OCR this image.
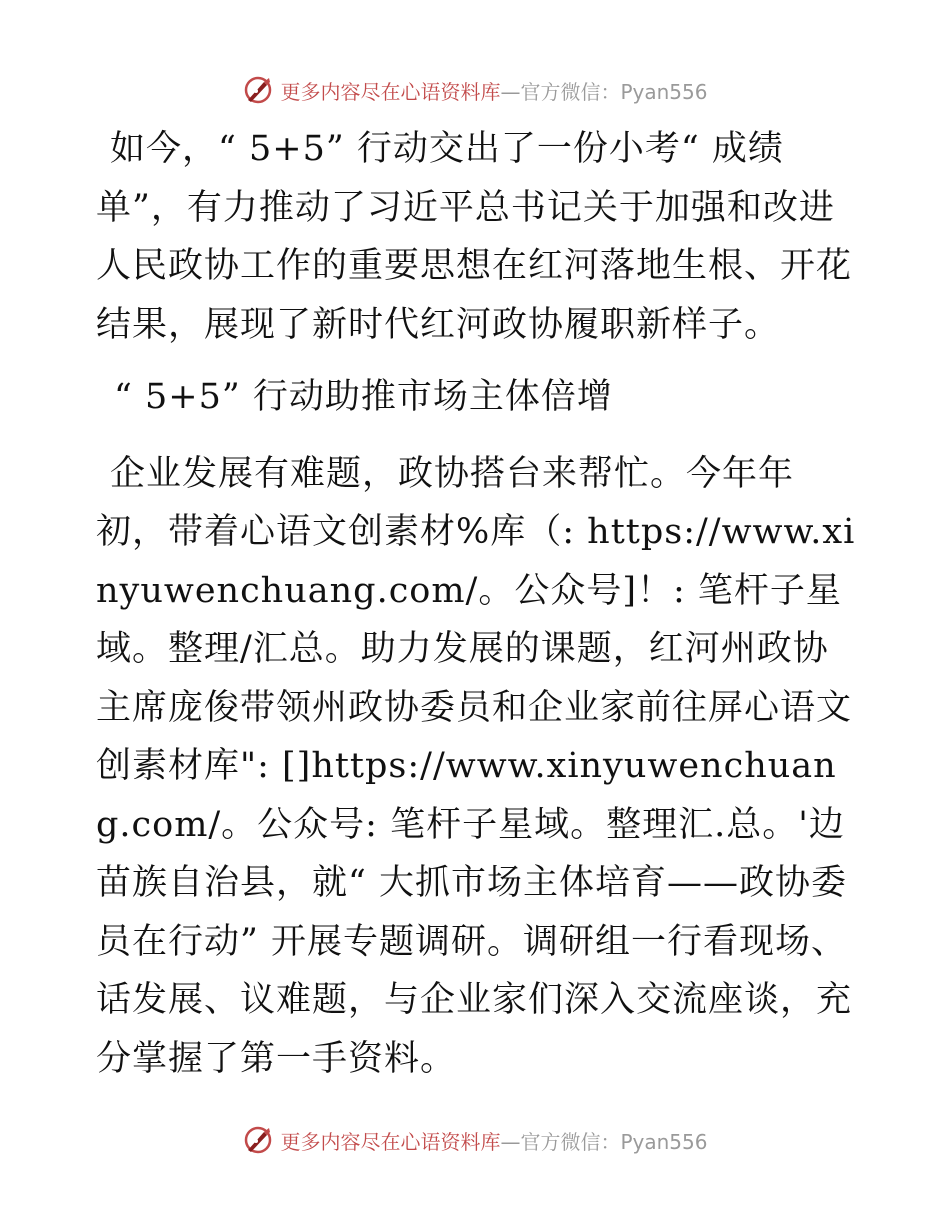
更多内容尽在心语资料库—官方微信：Pyan556

如今，“ 5+5” 行动交出了一份小考“ 成绩单”，有力推动了习近平总书记关于加强和改进人民政协工作的重要思想在红河落地生根、开花结果，展现了新时代红河政协履职新样子。

“ 5+5” 行动助推市场主体倍增

企业发展有难题，政协搭台来帮忙。今年年初，带着心语文创素材%库（: https://www.xinyuwenchuang.com/。公众号]！: 笔杆子星域。整理/汇总。助力发展的课题，红河州政协主席庞俊带领州政协委员和企业家前往屏心语文创素材库": []https://www.xinyuwenchuang.com/。公众号: 笔杆子星域。整理汇.总。'边苗族自治县，就“ 大抓市场主体培育——政协委员在行动” 开展专题调研。调研组一行看现场、话发展、议难题，与企业家们深入交流座谈，充分掌握了第一手资料。

更多内容尽在心语资料库—官方微信：Pyan556
